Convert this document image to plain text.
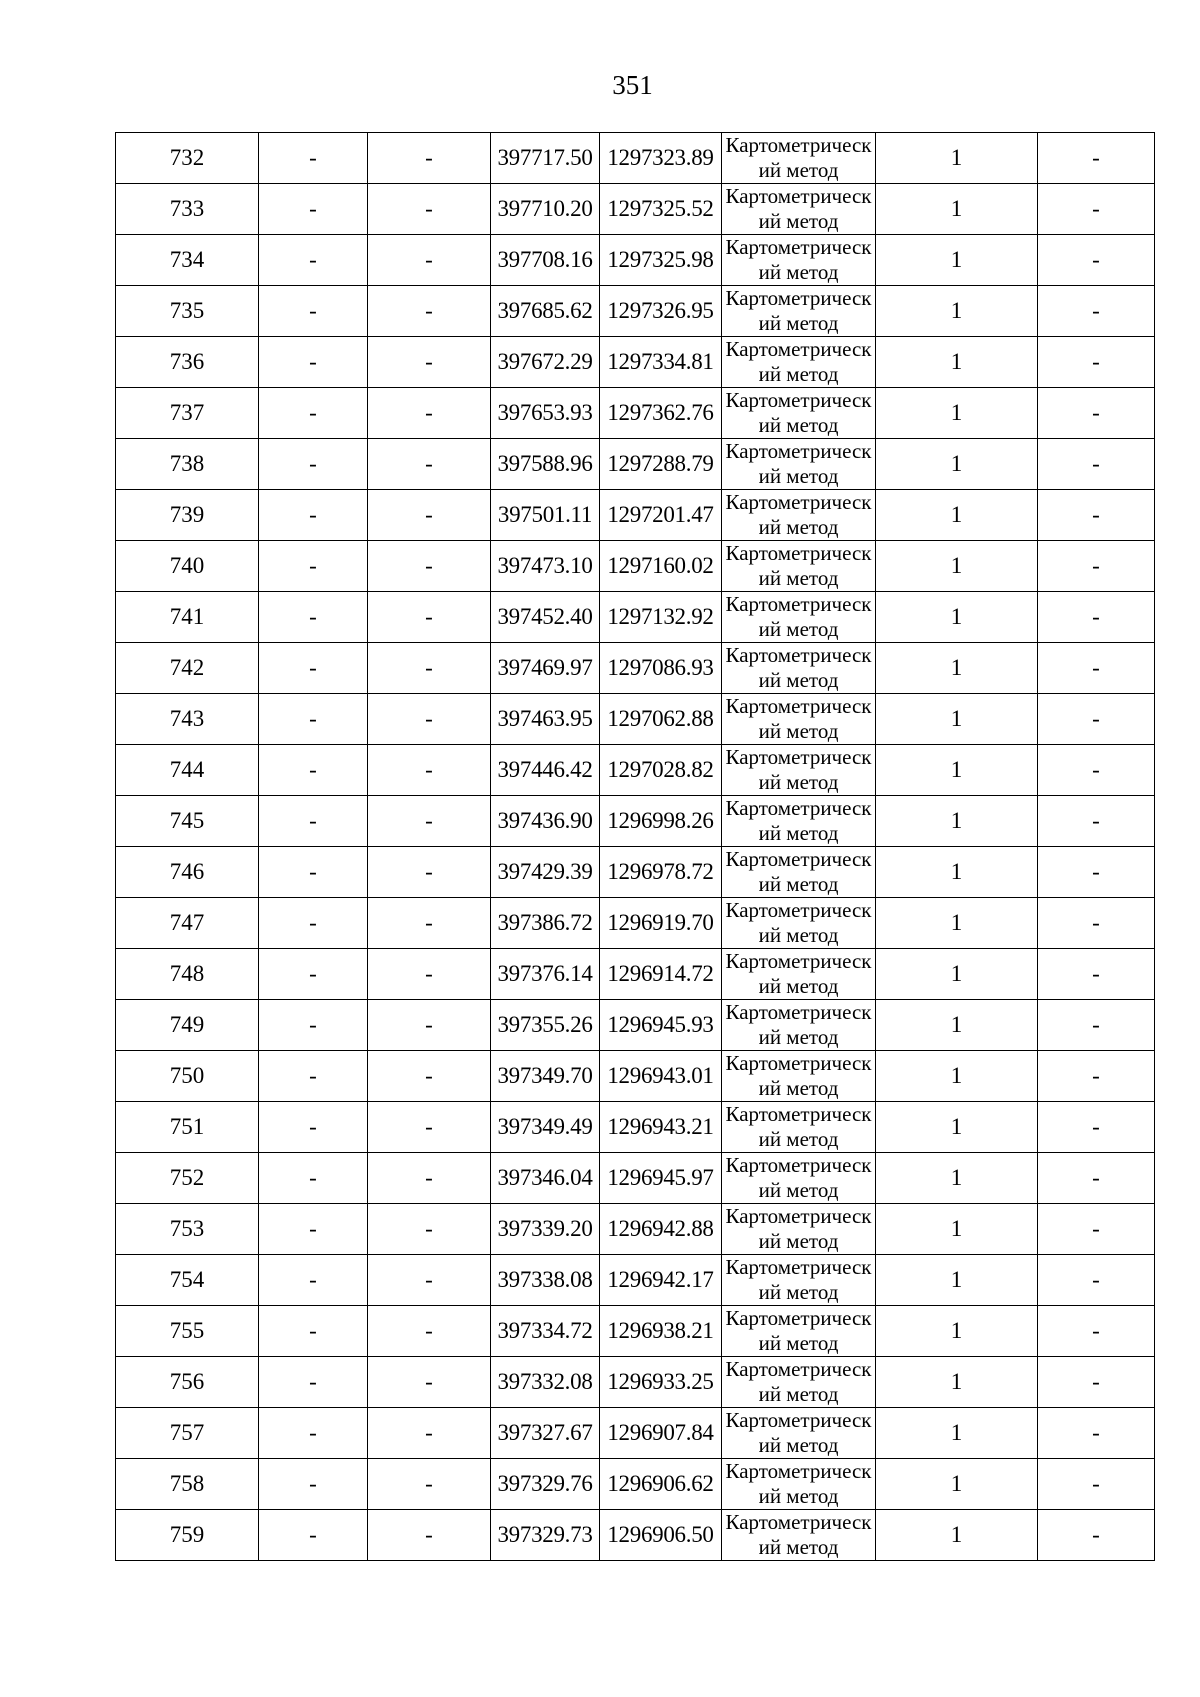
351
732	-	-	397717.50	1297323.89	Картометрический метод	1	-
733	-	-	397710.20	1297325.52	Картометрический метод	1	-
734	-	-	397708.16	1297325.98	Картометрический метод	1	-
735	-	-	397685.62	1297326.95	Картометрический метод	1	-
736	-	-	397672.29	1297334.81	Картометрический метод	1	-
737	-	-	397653.93	1297362.76	Картометрический метод	1	-
738	-	-	397588.96	1297288.79	Картометрический метод	1	-
739	-	-	397501.11	1297201.47	Картометрический метод	1	-
740	-	-	397473.10	1297160.02	Картометрический метод	1	-
741	-	-	397452.40	1297132.92	Картометрический метод	1	-
742	-	-	397469.97	1297086.93	Картометрический метод	1	-
743	-	-	397463.95	1297062.88	Картометрический метод	1	-
744	-	-	397446.42	1297028.82	Картометрический метод	1	-
745	-	-	397436.90	1296998.26	Картометрический метод	1	-
746	-	-	397429.39	1296978.72	Картометрический метод	1	-
747	-	-	397386.72	1296919.70	Картометрический метод	1	-
748	-	-	397376.14	1296914.72	Картометрический метод	1	-
749	-	-	397355.26	1296945.93	Картометрический метод	1	-
750	-	-	397349.70	1296943.01	Картометрический метод	1	-
751	-	-	397349.49	1296943.21	Картометрический метод	1	-
752	-	-	397346.04	1296945.97	Картометрический метод	1	-
753	-	-	397339.20	1296942.88	Картометрический метод	1	-
754	-	-	397338.08	1296942.17	Картометрический метод	1	-
755	-	-	397334.72	1296938.21	Картометрический метод	1	-
756	-	-	397332.08	1296933.25	Картометрический метод	1	-
757	-	-	397327.67	1296907.84	Картометрический метод	1	-
758	-	-	397329.76	1296906.62	Картометрический метод	1	-
759	-	-	397329.73	1296906.50	Картометрический метод	1	-
